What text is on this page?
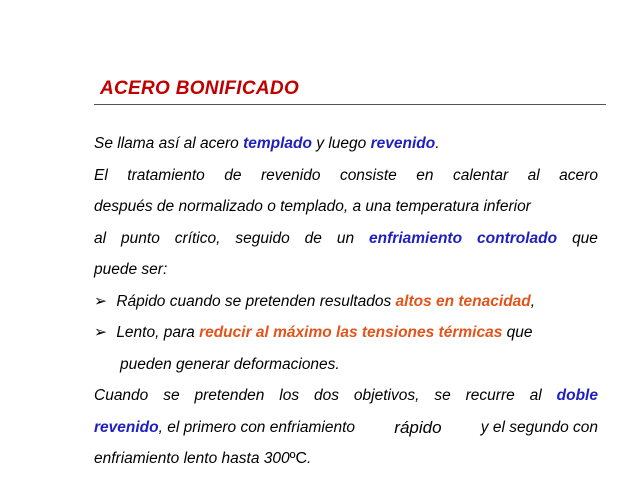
ACERO BONIFICADO
Se llama así al acero templado y luego revenido.
El tratamiento de revenido consiste en calentar al acero
después de normalizado o templado, a una temperatura inferior
al punto crítico, seguido de un enfriamiento controlado que
puede ser:
➢ Rápido cuando se pretenden resultados altos en tenacidad,
➢ Lento, para reducir al máximo las tensiones térmicas que
pueden generar deformaciones.
Cuando se pretenden los dos objetivos, se recurre al doble
revenido, el primero con enfriamiento rápido	y el segundo con
enfriamiento lento hasta 300ºC.
